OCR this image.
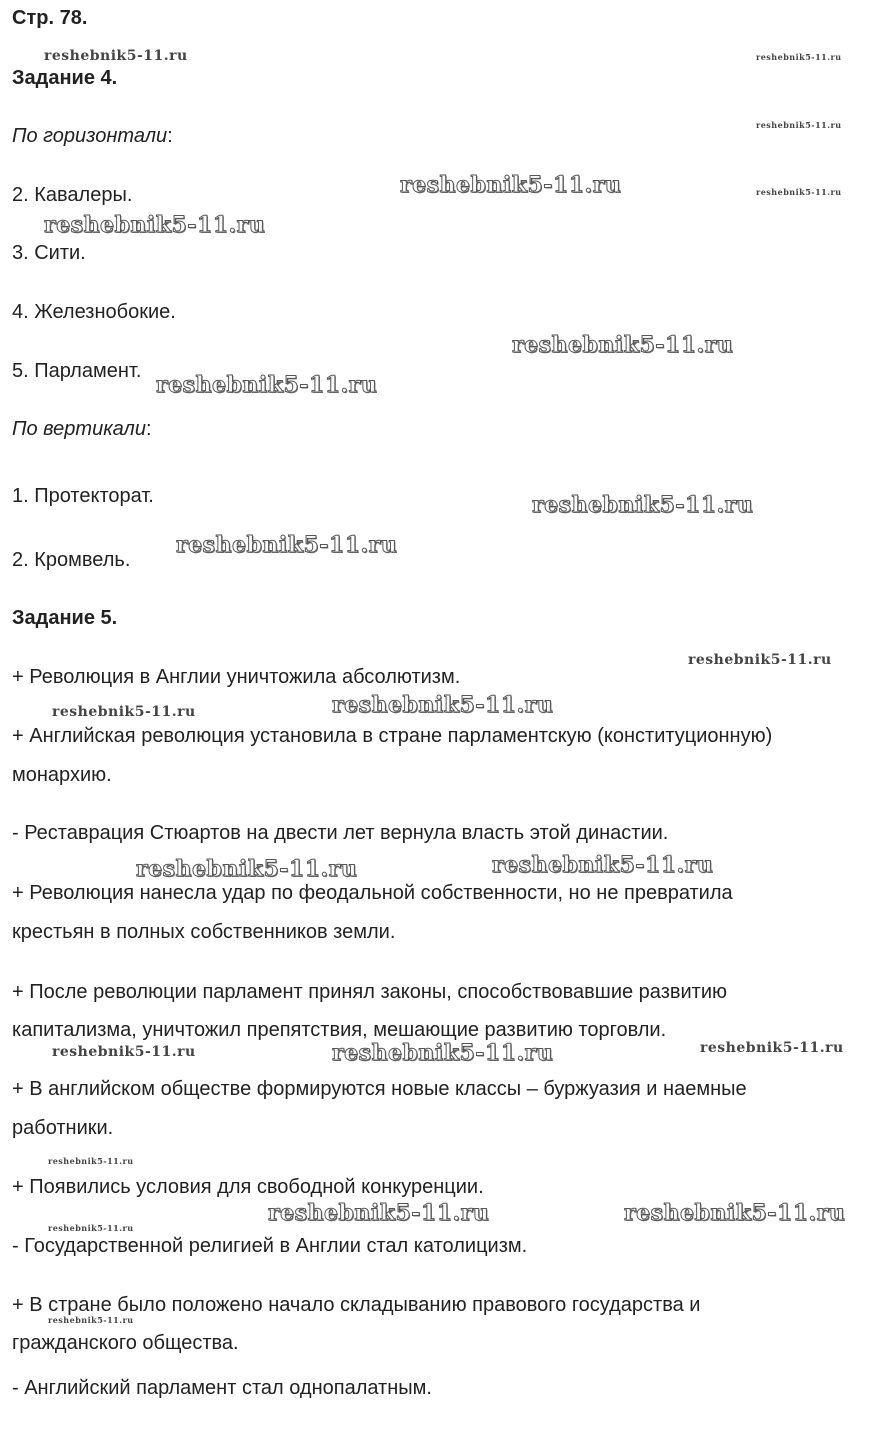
Стр. 78.
Задание 4.
По горизонтали:
2. Кавалеры.
3. Сити.
4. Железнобокие.
5. Парламент.
По вертикали:
1. Протекторат.
2. Кромвель.
Задание 5.
+ Революция в Англии уничтожила абсолютизм.
+ Английская революция установила в стране парламентскую (конституционную)
монархию.
- Реставрация Стюартов на двести лет вернула власть этой династии.
+ Революция нанесла удар по феодальной собственности, но не превратила
крестьян в полных собственников земли.
+ После революции парламент принял законы, способствовавшие развитию
капитализма, уничтожил препятствия, мешающие развитию торговли.
+ В английском обществе формируются новые классы – буржуазия и наемные
работники.
+ Появились условия для свободной конкуренции.
- Государственной религией в Англии стал католицизм.
+ В стране было положено начало складыванию правового государства и
гражданского общества.
- Английский парламент стал однопалатным.
reshebnik5-11.ru	reshebnik5-11.ru
reshebnik5-11.ru
reshebnik5-11.ru	reshebnik5-11.ru
reshebnik5-11.ru
reshebnik5-11.ru
reshebnik5-11.ru
reshebnik5-11.ru
reshebnik5-11.ru
reshebnik5-11.ru
reshebnik5-11.ru
reshebnik5-11.ru
reshebnik5-11.ru	reshebnik5-11.ru
reshebnik5-11.ru	reshebnik5-11.ru	reshebnik5-11.ru
reshebnik5-11.ru
reshebnik5-11.ru	reshebnik5-11.ru
reshebnik5-11.ru
reshebnik5-11.ru
